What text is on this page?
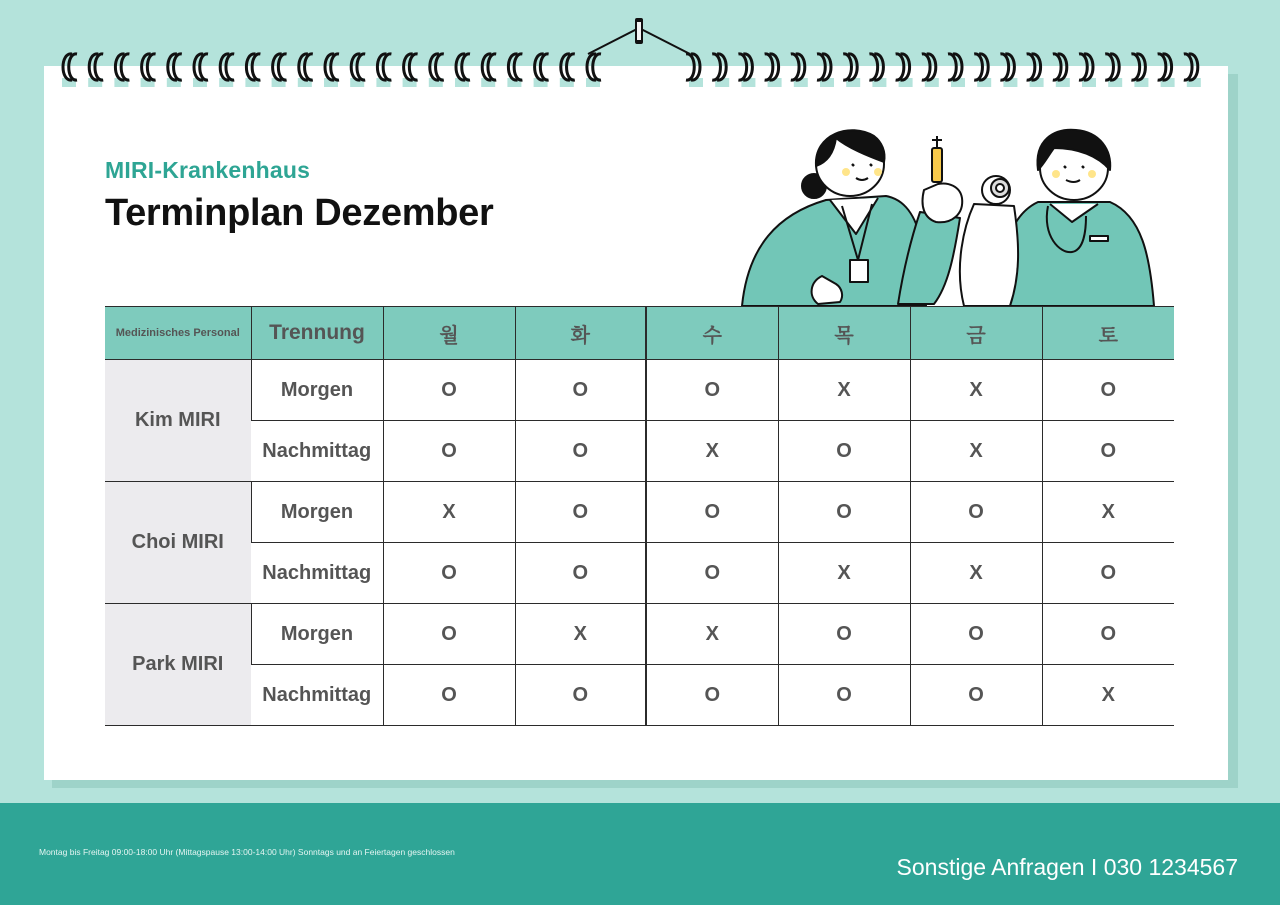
MIRI-Krankenhaus
Terminplan Dezember
Medizinisches Personal	Trennung	월	화	수	목	금	토
Kim MIRI	Morgen	O	O	O	X	X	O
	Nachmittag	O	O	X	O	X	O
Choi MIRI	Morgen	X	O	O	O	O	X
	Nachmittag	O	O	O	X	X	O
Park MIRI	Morgen	O	X	X	O	O	O
	Nachmittag	O	O	O	O	O	X
Montag bis Freitag 09:00-18:00 Uhr (Mittagspause 13:00-14:00 Uhr) Sonntags und an Feiertagen geschlossen
Sonstige Anfragen I 030 1234567
